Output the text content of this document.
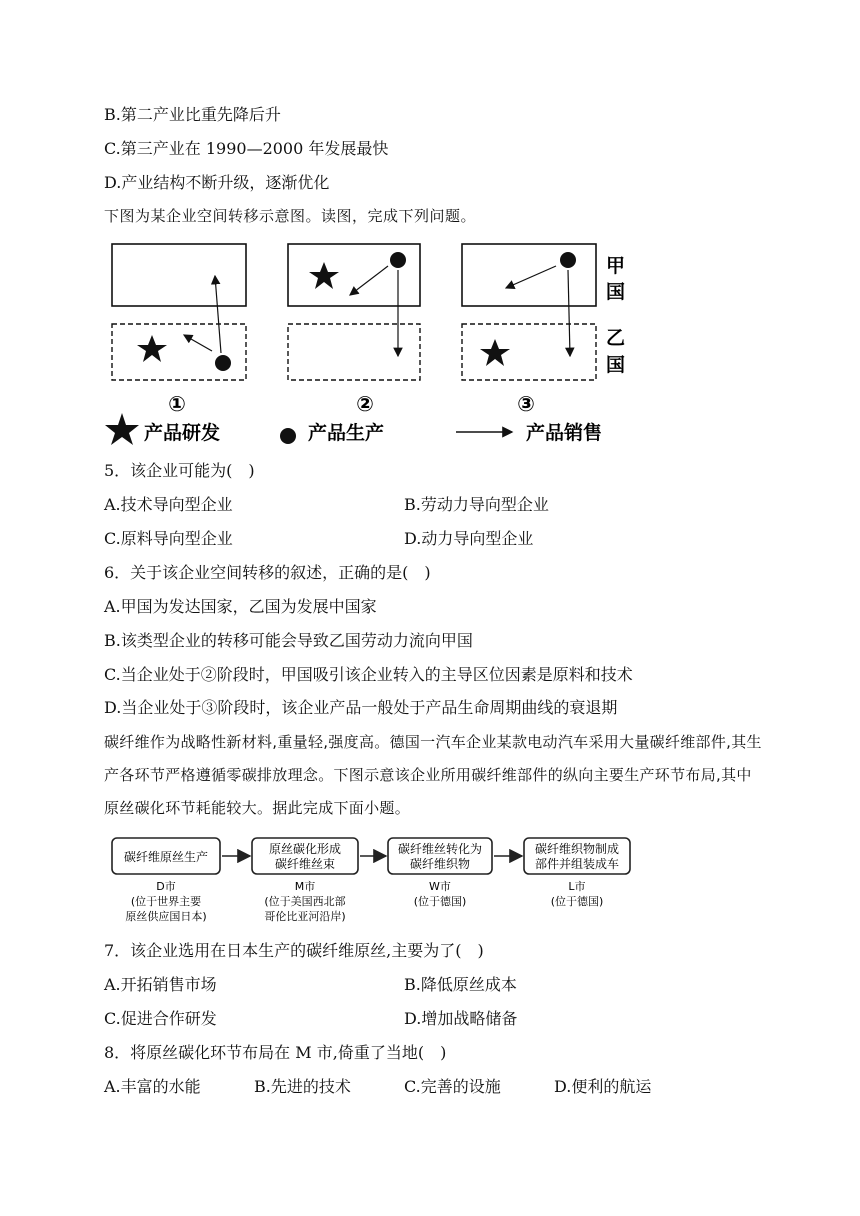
B.第二产业比重先降后升
C.第三产业在 1990—2000 年发展最快
D.产业结构不断升级，逐渐优化
下图为某企业空间转移示意图。读图，完成下列问题。
甲
国
乙
国
①	②	③
产品研发	产品生产	产品销售
5．该企业可能为(　)
A.技术导向型企业	B.劳动力导向型企业
C.原料导向型企业	D.动力导向型企业
6．关于该企业空间转移的叙述，正确的是(　)
A.甲国为发达国家，乙国为发展中国家
B.该类型企业的转移可能会导致乙国劳动力流向甲国
C.当企业处于②阶段时，甲国吸引该企业转入的主导区位因素是原料和技术
D.当企业处于③阶段时，该企业产品一般处于产品生命周期曲线的衰退期
碳纤维作为战略性新材料,重量轻,强度高。德国一汽车企业某款电动汽车采用大量碳纤维部件,其生产各环节严格遵循零碳排放理念。下图示意该企业所用碳纤维部件的纵向主要生产环节布局,其中原丝碳化环节耗能较大。据此完成下面小题。
碳纤维原丝生产
D市
(位于世界主要
原丝供应国日本)
原丝碳化形成
碳纤维丝束
M市
(位于美国西北部
哥伦比亚河沿岸)
碳纤维丝转化为
碳纤维织物
W市
(位于德国)
碳纤维织物制成
部件并组装成车
L市
(位于德国)
7．该企业选用在日本生产的碳纤维原丝,主要为了(　)
A.开拓销售市场	B.降低原丝成本
C.促进合作研发	D.增加战略储备
8．将原丝碳化环节布局在 M 市,倚重了当地(　)
A.丰富的水能	B.先进的技术	C.完善的设施	D.便利的航运
